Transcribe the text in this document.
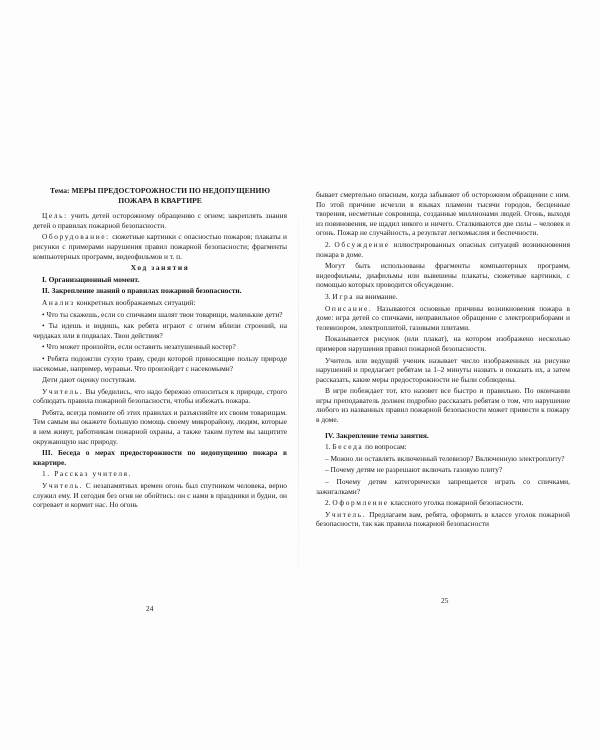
Тема: МЕРЫ ПРЕДОСТОРОЖНОСТИ ПО НЕДОПУЩЕНИЮ
ПОЖАРА В КВАРТИРЕ

Цель: учить детей осторожному обращению с огнем; закреплять знания детей о правилах пожарной безопасности.

Оборудование: сюжетные картинки с опасностью пожаров; плакаты и рисунки с примерами нарушения правил пожарной безопасности; фрагменты компьютерных программ, видеофильмов и т. п.

Ход занятия

I. Организационный момент.

II. Закрепление знаний о правилах пожарной безопасности.

Анализ конкретных воображаемых ситуаций:

• Что ты скажешь, если со спичками шалят твои товарищи, маленькие дети?

• Ты идешь и видишь, как ребята играют с огнем вблизи строений, на чердаках или в подвалах. Твои действия?

• Что может произойти, если оставить незатушенный костер?

• Ребята подожгли сухую траву, среди которой приносящие пользу природе насекомые, например, муравьи. Что произойдет с насекомыми?

Дети дают оценку поступкам.

Учитель. Вы убедились, что надо бережно относиться к природе, строго соблюдать правила пожарной безопасности, чтобы избежать пожара.

Ребята, всегда помните об этих правилах и разъясняйте их своим товарищам. Тем самым вы окажете большую помощь своему микрорайону, людям, которые в нем живут, работникам пожарной охраны, а также таким путем вы защитите окружающую нас природу.

III. Беседа о мерах предосторожности по недопущению пожара в квартире.

1. Рассказ учителя.

Учитель. С незапамятных времен огонь был спутником человека, верно служил ему. И сегодня без огня не обойтись: он с нами в праздники и будни, он согревает и кормит нас. Но огонь

24

бывает смертельно опасным, когда забывают об осторожном обращении с ним. По этой причине исчезли в языках пламени тысячи городов, бесценные творения, несметные сокровища, созданные миллионами людей. Огонь, выходя из повиновения, не щадил никого и ничего. Сталкиваются две силы – человек и огонь. Пожар не случайность, а результат легкомыслия и беспечности.

2. Обсуждение иллюстрированных опасных ситуаций возникновения пожара в доме.

Могут быть использованы фрагменты компьютерных программ, видеофильмы, диафильмы или вывешены плакаты, сюжетные картинки, с помощью которых проводится обсуждение.

3. Игра на внимание.

Описание. Называются основные причины возникновения пожара в доме: игра детей со спичками, неправильное обращение с электроприборами и телевизором, электроплитой, газовыми плитами.

Показывается рисунок (или плакат), на котором изображено несколько примеров нарушения правил пожарной безопасности.

Учитель или ведущий ученик называет число изображенных на рисунке нарушений и предлагает ребятам за 1–2 минуты назвать и показать их, а затем рассказать, какие меры предосторожности не были соблюдены.

В игре побеждает тот, кто назовет все быстро и правильно. По окончании игры преподаватель должен подробно рассказать ребятам о том, что нарушение любого из названных правил пожарной безопасности может привести к пожару в доме.

IV. Закрепление темы занятия.

1. Беседа по вопросам:

– Можно ли оставлять включенный телевизор? Включенную электроплиту?

– Почему детям не разрешают включать газовую плиту?

– Почему детям категорически запрещается играть со спичками, зажигалками?

2. Оформление классного уголка пожарной безопасности.

Учитель. Предлагаем вам, ребята, оформить в классе уголок пожарной безопасности, так как правила пожарной безопасности

25
